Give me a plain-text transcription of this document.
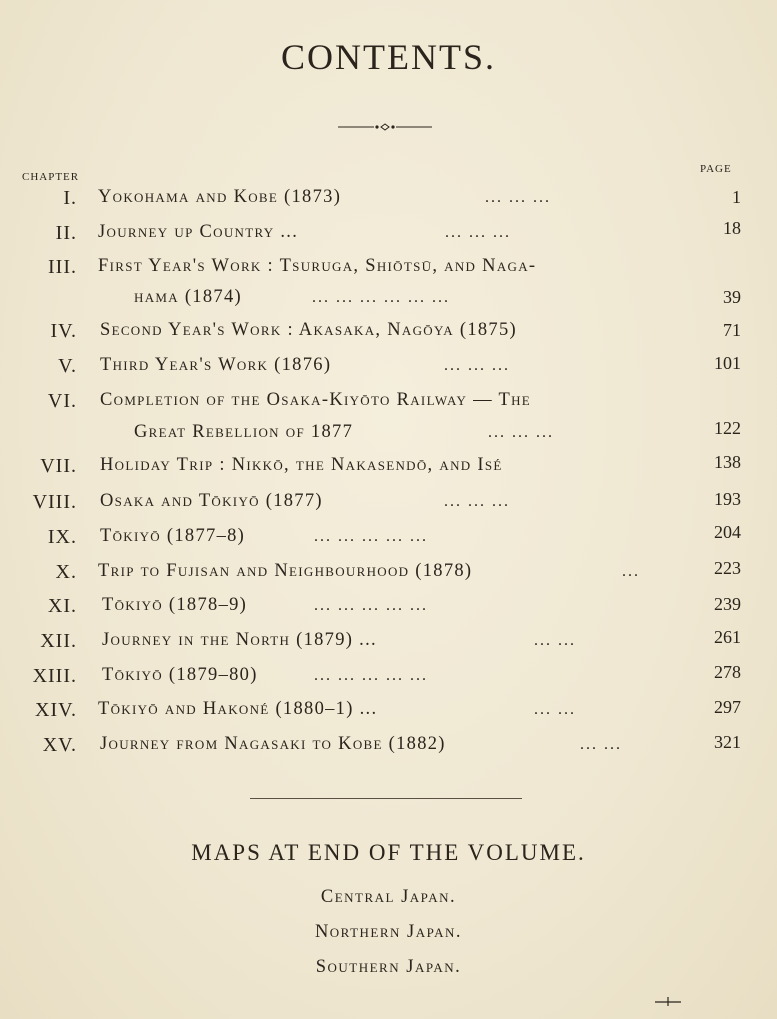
CONTENTS.
CHAPTER
PAGE
I. Yokohama and Kobe (1873)	... ... ...	1
II. Journey up Country ...	... ... ...	18
III. First Year's Work : Tsuruga, Shiōtsū, and Naga-
hama (1874)	... ... ... ... ... ...	39
IV. Second Year's Work : Akasaka, Nagōya (1875)	71
V. Third Year's Work (1876)	... ... ...	101
VI. Completion of the Osaka-Kiyōto Railway — The
Great Rebellion of 1877	... ... ...	122
VII. Holiday Trip : Nikkō, the Nakasendō, and Isé	138
VIII. Osaka and Tōkiyō (1877)	... ... ...	193
IX. Tōkiyō (1877–8)	... ... ... ... ...	204
X. Trip to Fujisan and Neighbourhood (1878)	...	223
XI. Tōkiyō (1878–9)	... ... ... ... ...	239
XII. Journey in the North (1879) ...	... ...	261
XIII. Tōkiyō (1879–80)	... ... ... ... ...	278
XIV. Tōkiyō and Hakoné (1880–1) ...	... ...	297
XV. Journey from Nagasaki to Kobe (1882)	... ...	321
MAPS AT END OF THE VOLUME.
Central Japan.
Northern Japan.
Southern Japan.
